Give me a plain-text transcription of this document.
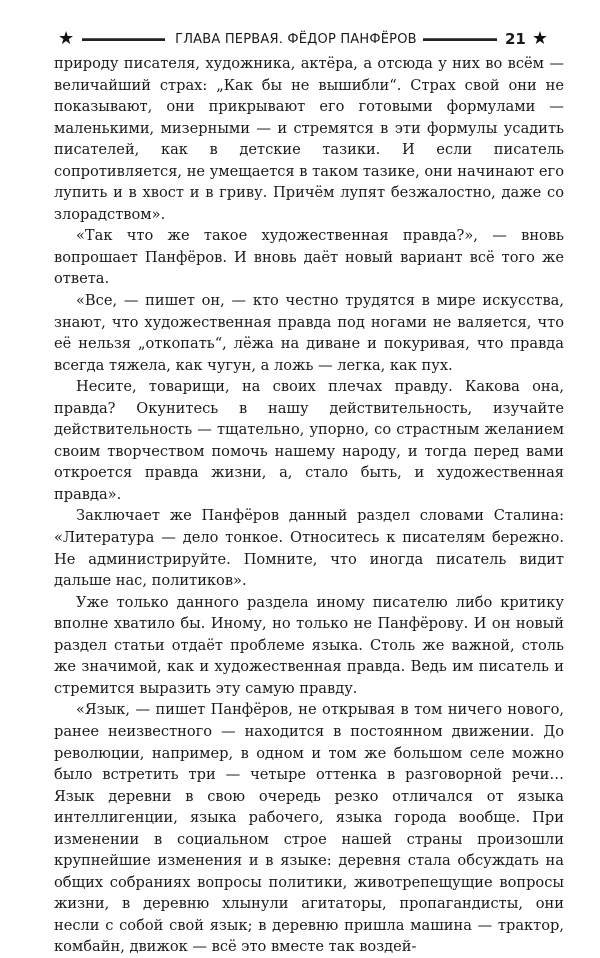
★	ГЛАВА ПЕРВАЯ. ФЁДОР ПАНФЁРОВ	21 ★

природу писателя, художника, актёра, а отсюда у них во всём — величайший страх: „Как бы не вышибли“. Страх свой они не показывают, они прикрывают его готовыми формулами — маленькими, мизерными — и стремятся в эти формулы усадить писателей, как в детские тазики. И если писатель сопротивляется, не умещается в таком тазике, они начинают его лупить и в хвост и в гриву. Причём лупят безжалостно, даже со злорадством».

«Так что же такое художественная правда?», — вновь вопрошает Панфёров. И вновь даёт новый вариант всё того же ответа.

«Все, — пишет он, — кто честно трудятся в мире искусства, знают, что художественная правда под ногами не валяется, что её нельзя „откопать“, лёжа на диване и покуривая, что правда всегда тяжела, как чугун, а ложь — легка, как пух.

Несите, товарищи, на своих плечах правду. Какова она, правда? Окунитесь в нашу действительность, изучайте действительность — тщательно, упорно, со страстным желанием своим творчеством помочь нашему народу, и тогда перед вами откроется правда жизни, а, стало быть, и художественная правда».

Заключает же Панфёров данный раздел словами Сталина: «Литература — дело тонкое. Относитесь к писателям бережно. Не администрируйте. Помните, что иногда писатель видит дальше нас, политиков».

Уже только данного раздела иному писателю либо критику вполне хватило бы. Иному, но только не Панфёрову. И он новый раздел статьи отдаёт проблеме языка. Столь же важной, столь же значимой, как и художественная правда. Ведь им писатель и стремится выразить эту самую правду.

«Язык, — пишет Панфёров, не открывая в том ничего нового, ранее неизвестного — находится в постоянном движении. До революции, например, в одном и том же большом селе можно было встретить три — четыре оттенка в разговорной речи… Язык деревни в свою очередь резко отличался от языка интеллигенции, языка рабочего, языка города вообще. При изменении в социальном строе нашей страны произошли крупнейшие изменения и в языке: деревня стала обсуждать на общих собраниях вопросы политики, животрепещущие вопросы жизни, в деревню хлынули агитаторы, пропагандисты, они несли с собой свой язык; в деревню пришла машина — трактор, комбайн, движок — всё это вместе так воздей-
